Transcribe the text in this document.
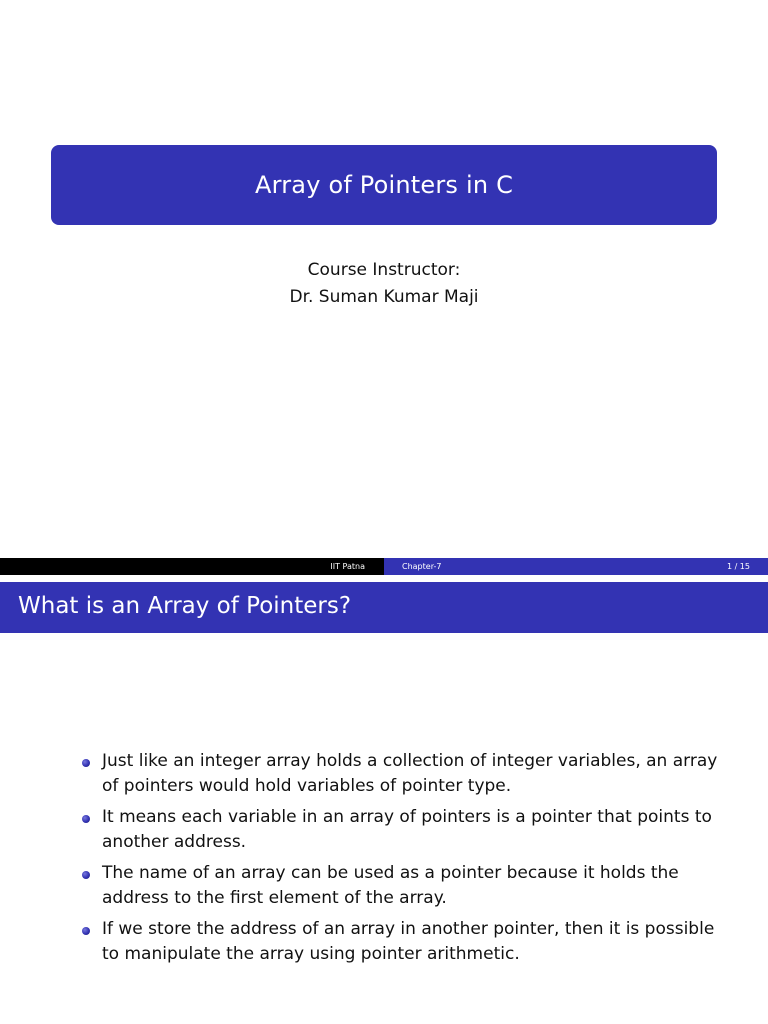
Array of Pointers in C
Course Instructor:
Dr. Suman Kumar Maji
IIT Patna	Chapter-7	1 / 15
What is an Array of Pointers?
Just like an integer array holds a collection of integer variables, an array of pointers would hold variables of pointer type.
It means each variable in an array of pointers is a pointer that points to another address.
The name of an array can be used as a pointer because it holds the address to the first element of the array.
If we store the address of an array in another pointer, then it is possible to manipulate the array using pointer arithmetic.
